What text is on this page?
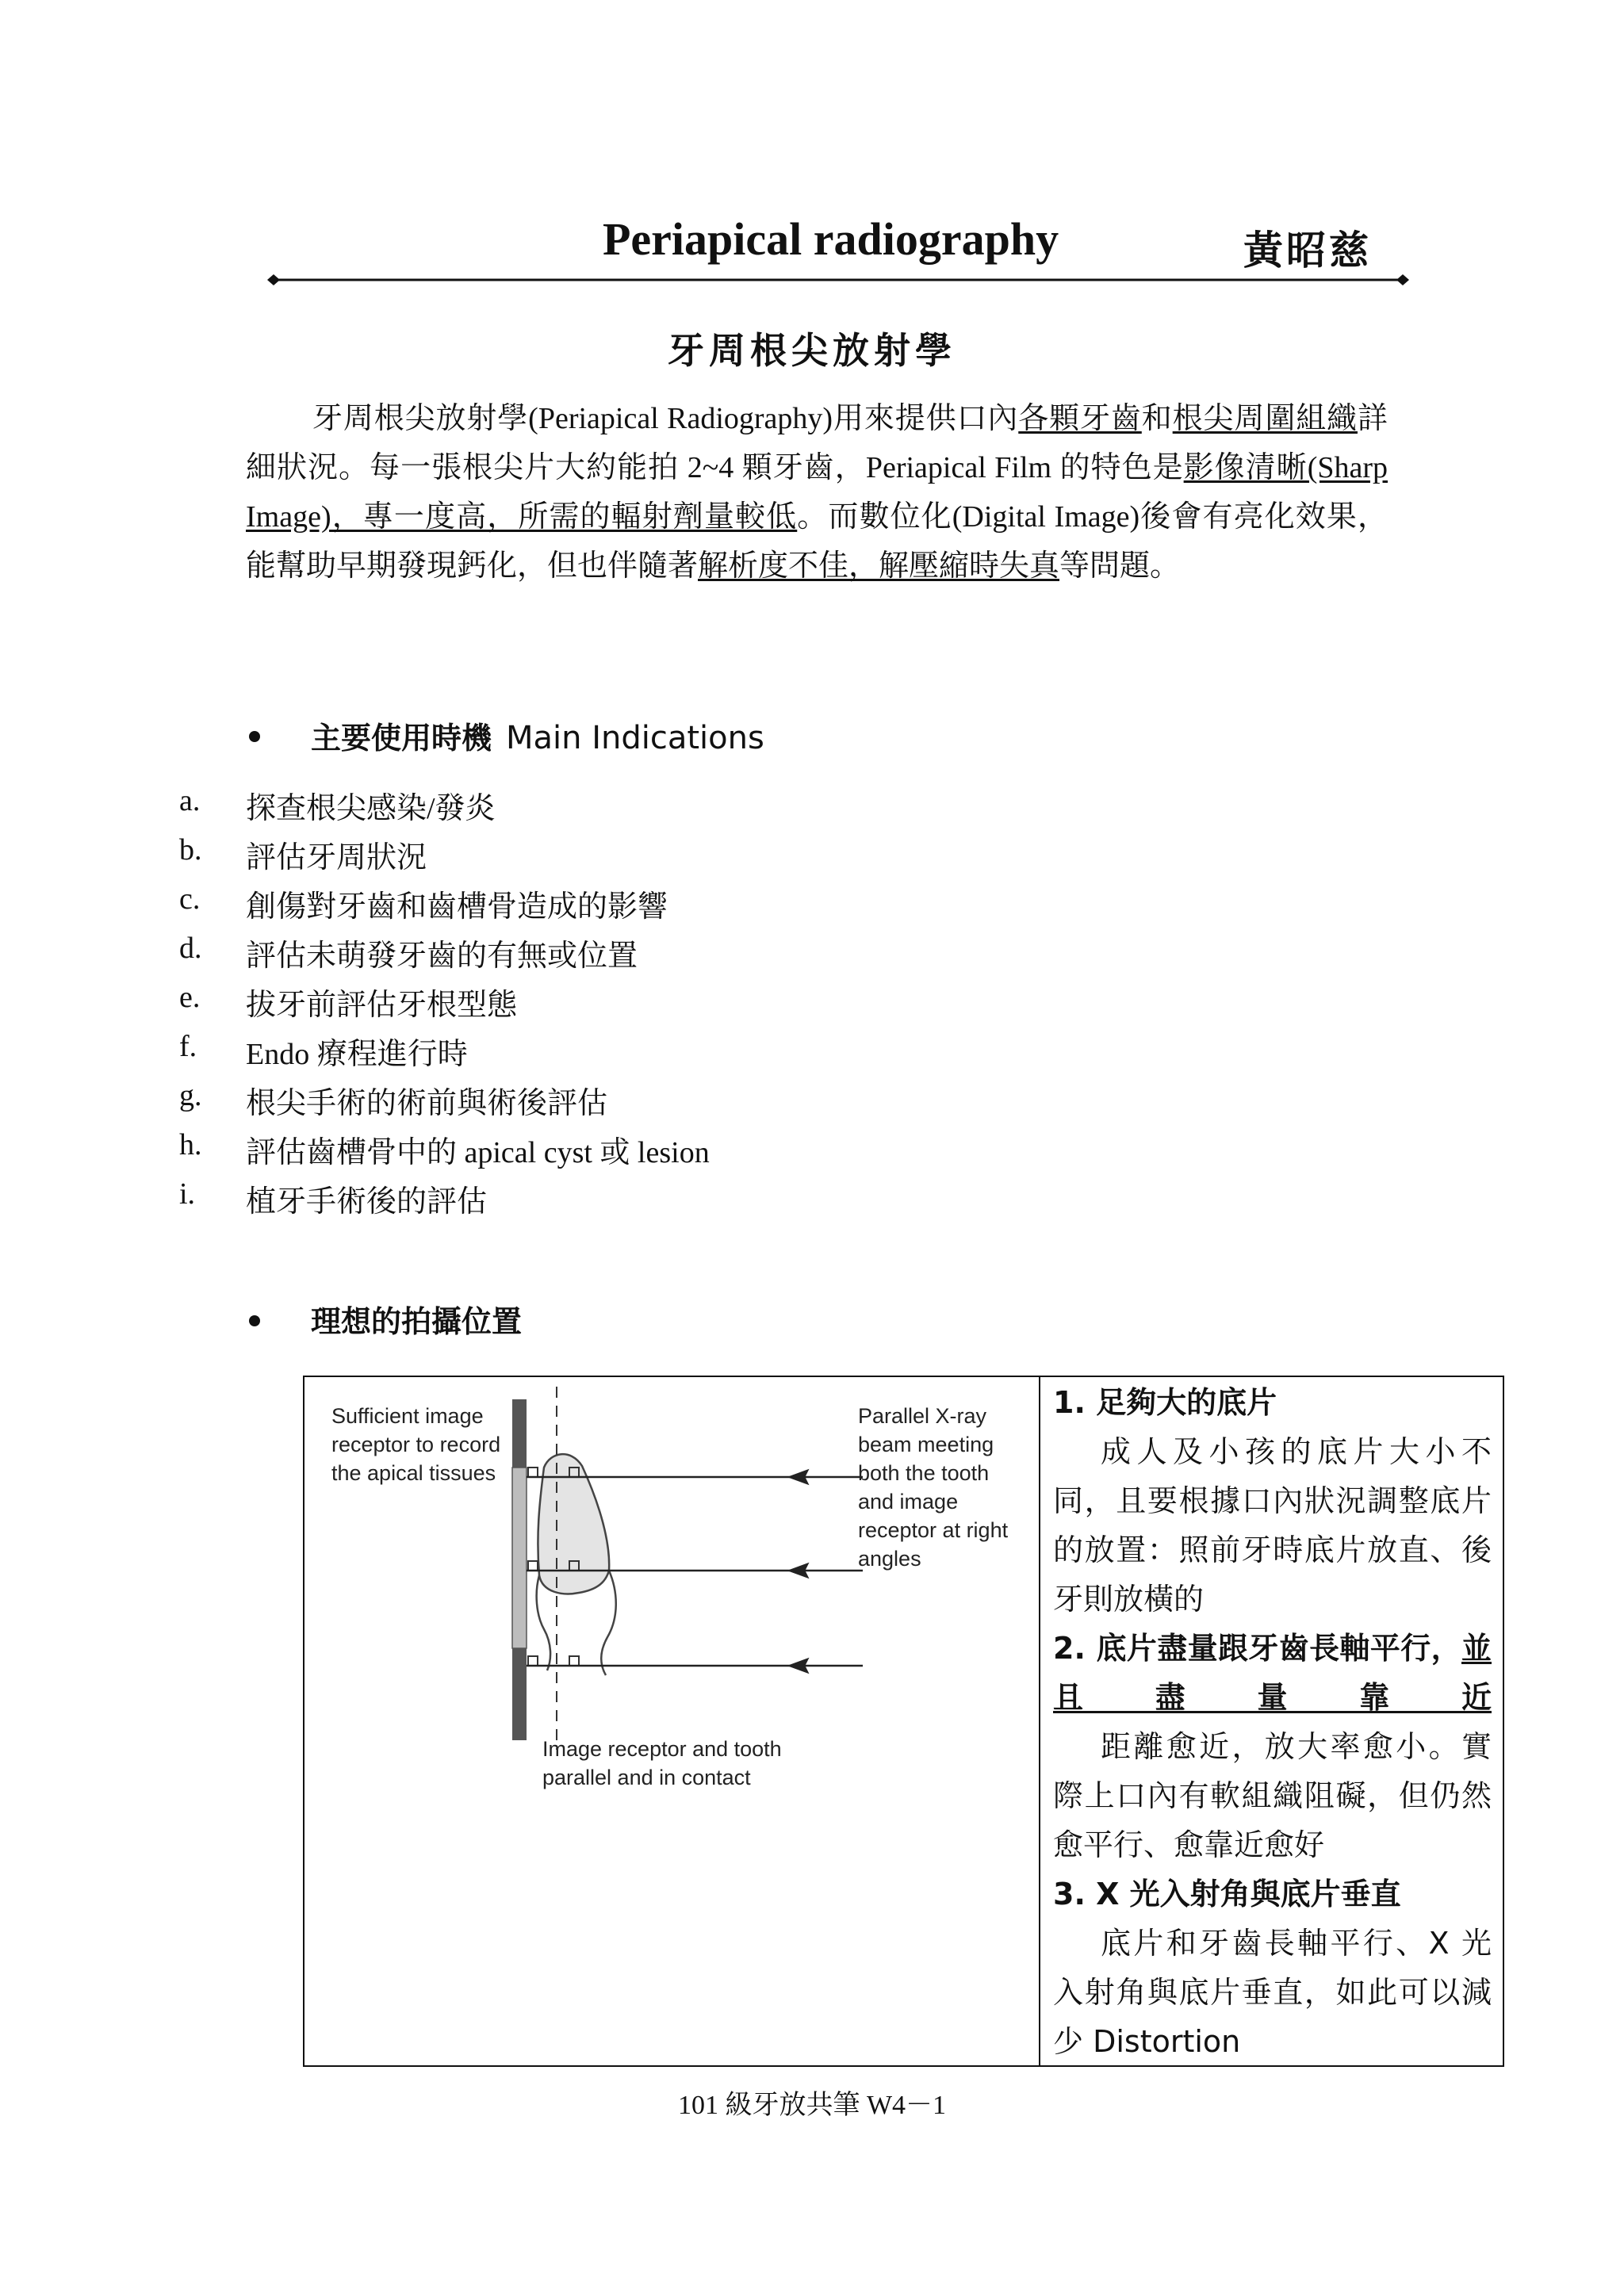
Periapical radiography	黃昭慈
牙周根尖放射學

牙周根尖放射學(Periapical Radiography)用來提供口內各顆牙齒和根尖周圍組織詳細狀況。每一張根尖片大約能拍 2~4 顆牙齒，Periapical Film 的特色是影像清晰(Sharp Image)，專一度高，所需的輻射劑量較低。而數位化(Digital Image)後會有亮化效果，能幫助早期發現鈣化，但也伴隨著解析度不佳，解壓縮時失真等問題。

主要使用時機 Main Indications
a. 探查根尖感染/發炎
b. 評估牙周狀況
c. 創傷對牙齒和齒槽骨造成的影響
d. 評估未萌發牙齒的有無或位置
e. 拔牙前評估牙根型態
f. Endo 療程進行時
g. 根尖手術的術前與術後評估
h. 評估齒槽骨中的 apical cyst 或 lesion
i. 植牙手術後的評估
理想的拍攝位置
Sufficient image receptor to record the apical tissues
Parallel X-ray beam meeting both the tooth and image receptor at right angles
Image receptor and tooth parallel and in contact
1. 足夠大的底片
成人及小孩的底片大小不同，且要根據口內狀況調整底片的放置：照前牙時底片放直、後牙則放橫的
2. 底片盡量跟牙齒長軸平行，並且盡量靠近
距離愈近，放大率愈小。實際上口內有軟組織阻礙，但仍然愈平行、愈靠近愈好
3. X 光入射角與底片垂直
底片和牙齒長軸平行、X 光入射角與底片垂直，如此可以減少 Distortion
101 級牙放共筆 W4－1
